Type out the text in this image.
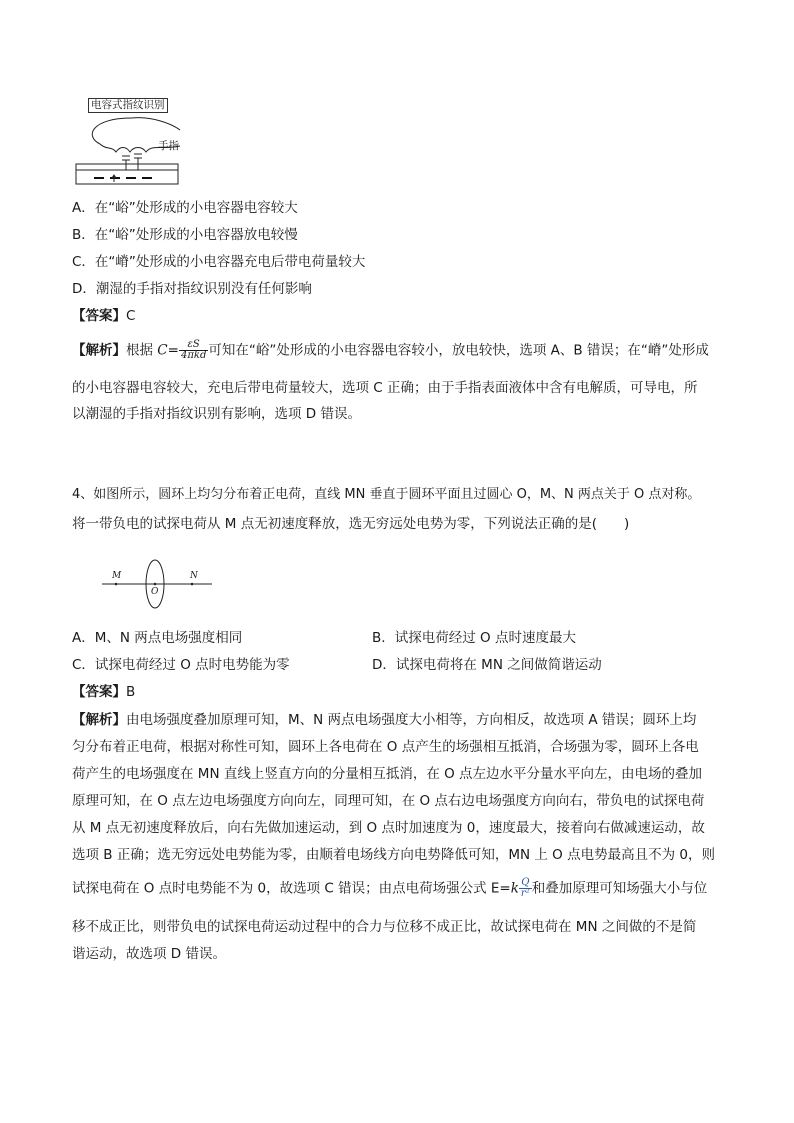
电容式指纹识别
手指
A．在“峪”处形成的小电容器电容较大
B．在“峪”处形成的小电容器放电较慢
C．在“嵴”处形成的小电容器充电后带电荷量较大
D．潮湿的手指对指纹识别没有任何影响
【答案】C
【解析】根据 $C= \frac{\varepsilon S}{\text{4πkd}}$ 可知在“峪”处形成的小电容器电容较小，放电较快，选项 A、B 错误；在“嵴”处形成
的小电容器电容较大，充电后带电荷量较大，选项 C 正确；由于手指表面液体中含有电解质，可导电，所
以潮湿的手指对指纹识别有影响，选项 D 错误。
4、如图所示，圆环上均匀分布着正电荷，直线 MN 垂直于圆环平面且过圆心 O，M、N 两点关于 O 点对称。
将一带负电的试探电荷从 M 点无初速度释放，选无穷远处电势为零，下列说法正确的是(　　)
M	N
O
A．M、N 两点电场强度相同	B．试探电荷经过 O 点时速度最大
C．试探电荷经过 O 点时电势能为零	D．试探电荷将在 MN 之间做简谐运动
【答案】B
【解析】由电场强度叠加原理可知，M、N 两点电场强度大小相等，方向相反，故选项 A 错误；圆环上均
匀分布着正电荷，根据对称性可知，圆环上各电荷在 O 点产生的场强相互抵消，合场强为零，圆环上各电
荷产生的电场强度在 MN 直线上竖直方向的分量相互抵消，在 O 点左边水平分量水平向左，由电场的叠加
原理可知，在 O 点左边电场强度方向向左，同理可知，在 O 点右边电场强度方向向右，带负电的试探电荷
从 M 点无初速度释放后，向右先做加速运动，到 O 点时加速度为 0，速度最大，接着向右做减速运动，故
选项 B 正确；选无穷远处电势能为零，由顺着电场线方向电势降低可知，MN 上 O 点电势最高且不为 0，则
试探电荷在 O 点时电势能不为 0，故选项 C 错误；由点电荷场强公式 $E=k \frac{Q}{\text{r²}}$ 和叠加原理可知场强大小与位
移不成正比，则带负电的试探电荷运动过程中的合力与位移不成正比，故试探电荷在 MN 之间做的不是简
谐运动，故选项 D 错误。
